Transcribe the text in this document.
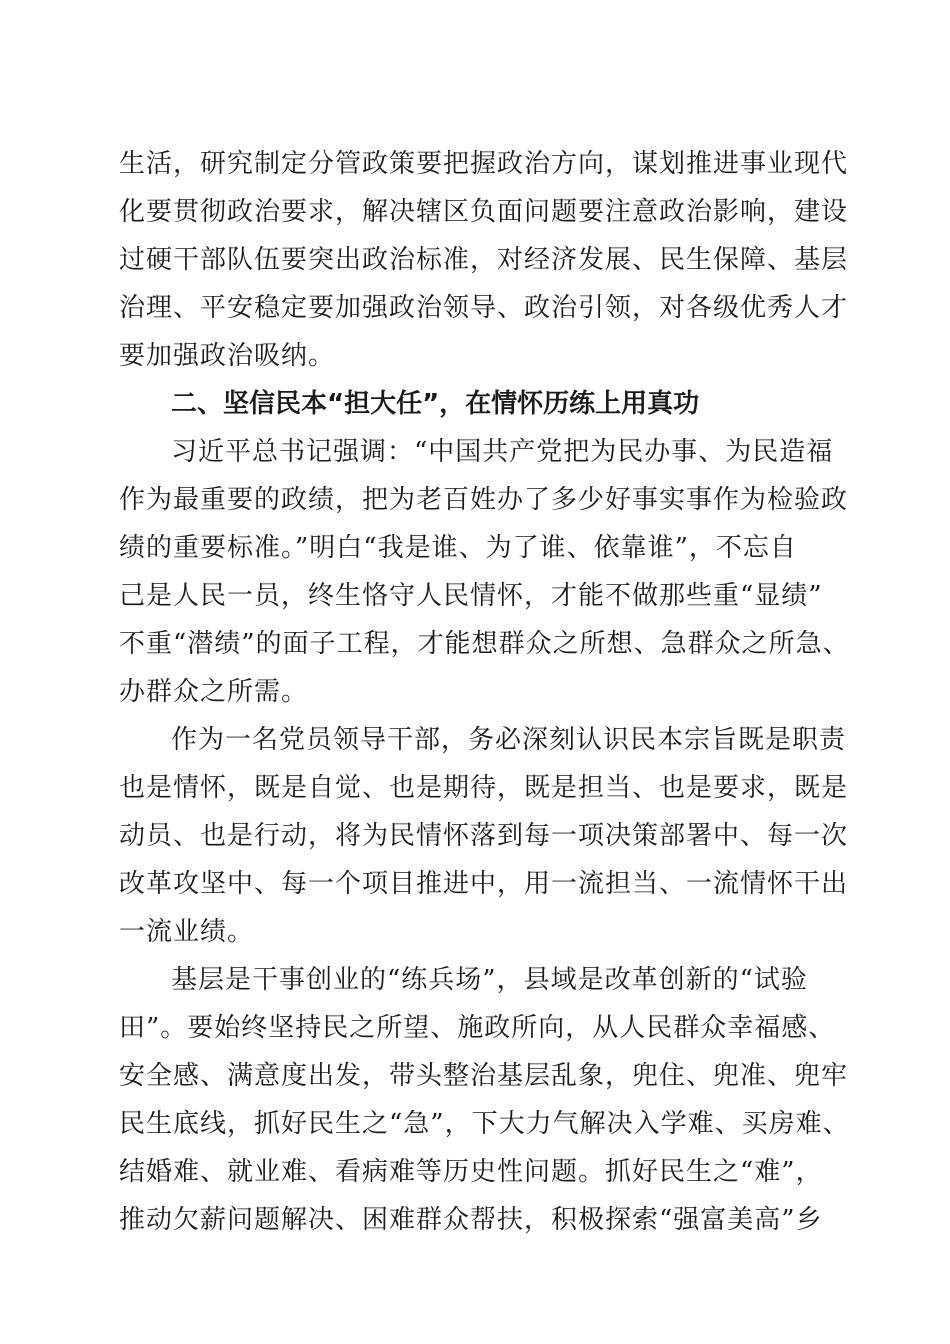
生活，研究制定分管政策要把握政治方向，谋划推进事业现代
化要贯彻政治要求，解决辖区负面问题要注意政治影响，建设
过硬干部队伍要突出政治标准，对经济发展、民生保障、基层
治理、平安稳定要加强政治领导、政治引领，对各级优秀人才
要加强政治吸纳。
二、坚信民本“担大任”，在情怀历练上用真功
习近平总书记强调：“中国共产党把为民办事、为民造福
作为最重要的政绩，把为老百姓办了多少好事实事作为检验政
绩的重要标准。”明白“我是谁、为了谁、依靠谁”，不忘自
己是人民一员，终生恪守人民情怀，才能不做那些重“显绩”
不重“潜绩”的面子工程，才能想群众之所想、急群众之所急、
办群众之所需。
作为一名党员领导干部，务必深刻认识民本宗旨既是职责
也是情怀，既是自觉、也是期待，既是担当、也是要求，既是
动员、也是行动，将为民情怀落到每一项决策部署中、每一次
改革攻坚中、每一个项目推进中，用一流担当、一流情怀干出
一流业绩。
基层是干事创业的“练兵场”，县域是改革创新的“试验
田”。要始终坚持民之所望、施政所向，从人民群众幸福感、
安全感、满意度出发，带头整治基层乱象，兜住、兜准、兜牢
民生底线，抓好民生之“急”，下大力气解决入学难、买房难、
结婚难、就业难、看病难等历史性问题。抓好民生之“难”，
推动欠薪问题解决、困难群众帮扶，积极探索“强富美高”乡
